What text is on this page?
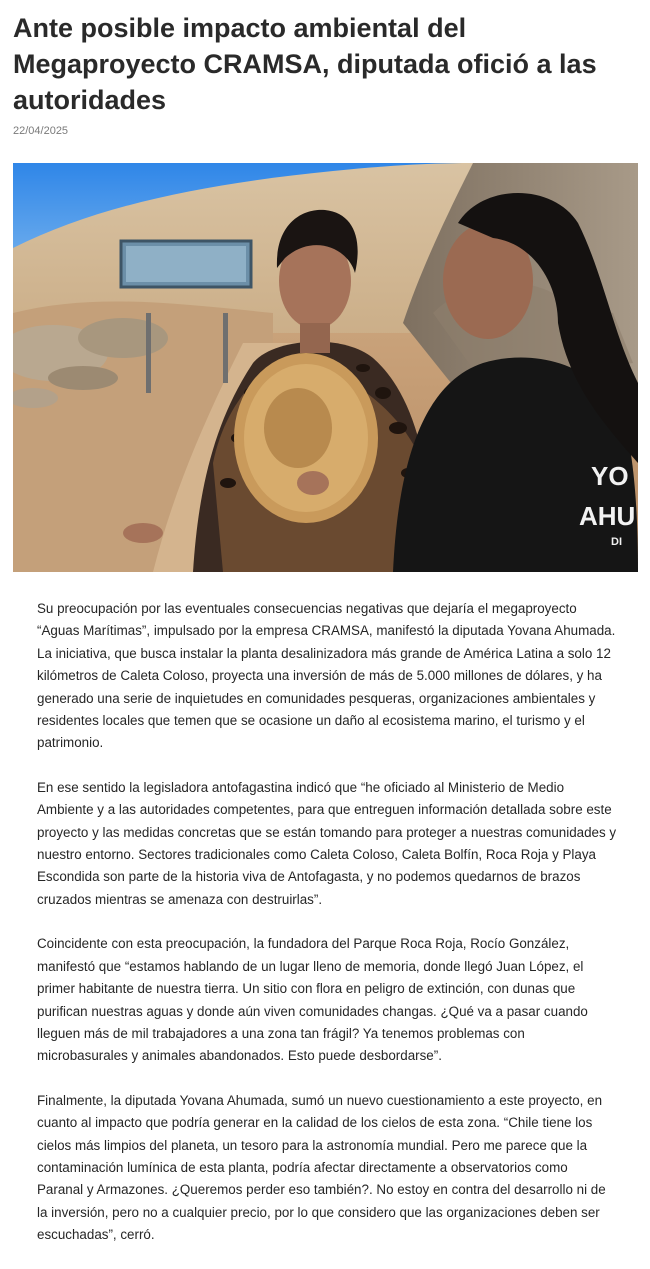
Ante posible impacto ambiental del Megaproyecto CRAMSA, diputada ofició a las autoridades
22/04/2025
YO
AHU
DI

Su preocupación por las eventuales consecuencias negativas que dejaría el megaproyecto “Aguas Marítimas”, impulsado por la empresa CRAMSA, manifestó la diputada Yovana Ahumada. La iniciativa, que busca instalar la planta desalinizadora más grande de América Latina a solo 12 kilómetros de Caleta Coloso, proyecta una inversión de más de 5.000 millones de dólares, y ha generado una serie de inquietudes en comunidades pesqueras, organizaciones ambientales y residentes locales que temen que se ocasione un daño al ecosistema marino, el turismo y el patrimonio.

En ese sentido la legisladora antofagastina indicó que “he oficiado al Ministerio de Medio Ambiente y a las autoridades competentes, para que entreguen información detallada sobre este proyecto y las medidas concretas que se están tomando para proteger a nuestras comunidades y nuestro entorno. Sectores tradicionales como Caleta Coloso, Caleta Bolfín, Roca Roja y Playa Escondida son parte de la historia viva de Antofagasta, y no podemos quedarnos de brazos cruzados mientras se amenaza con destruirlas”.

Coincidente con esta preocupación, la fundadora del Parque Roca Roja, Rocío González, manifestó que “estamos hablando de un lugar lleno de memoria, donde llegó Juan López, el primer habitante de nuestra tierra. Un sitio con flora en peligro de extinción, con dunas que purifican nuestras aguas y donde aún viven comunidades changas. ¿Qué va a pasar cuando lleguen más de mil trabajadores a una zona tan frágil? Ya tenemos problemas con microbasurales y animales abandonados. Esto puede desbordarse”.

Finalmente, la diputada Yovana Ahumada, sumó un nuevo cuestionamiento a este proyecto, en cuanto al impacto que podría generar en la calidad de los cielos de esta zona. “Chile tiene los cielos más limpios del planeta, un tesoro para la astronomía mundial. Pero me parece que la contaminación lumínica de esta planta, podría afectar directamente a observatorios como Paranal y Armazones. ¿Queremos perder eso también?. No estoy en contra del desarrollo ni de la inversión, pero no a cualquier precio, por lo que considero que las organizaciones deben ser escuchadas”, cerró.
